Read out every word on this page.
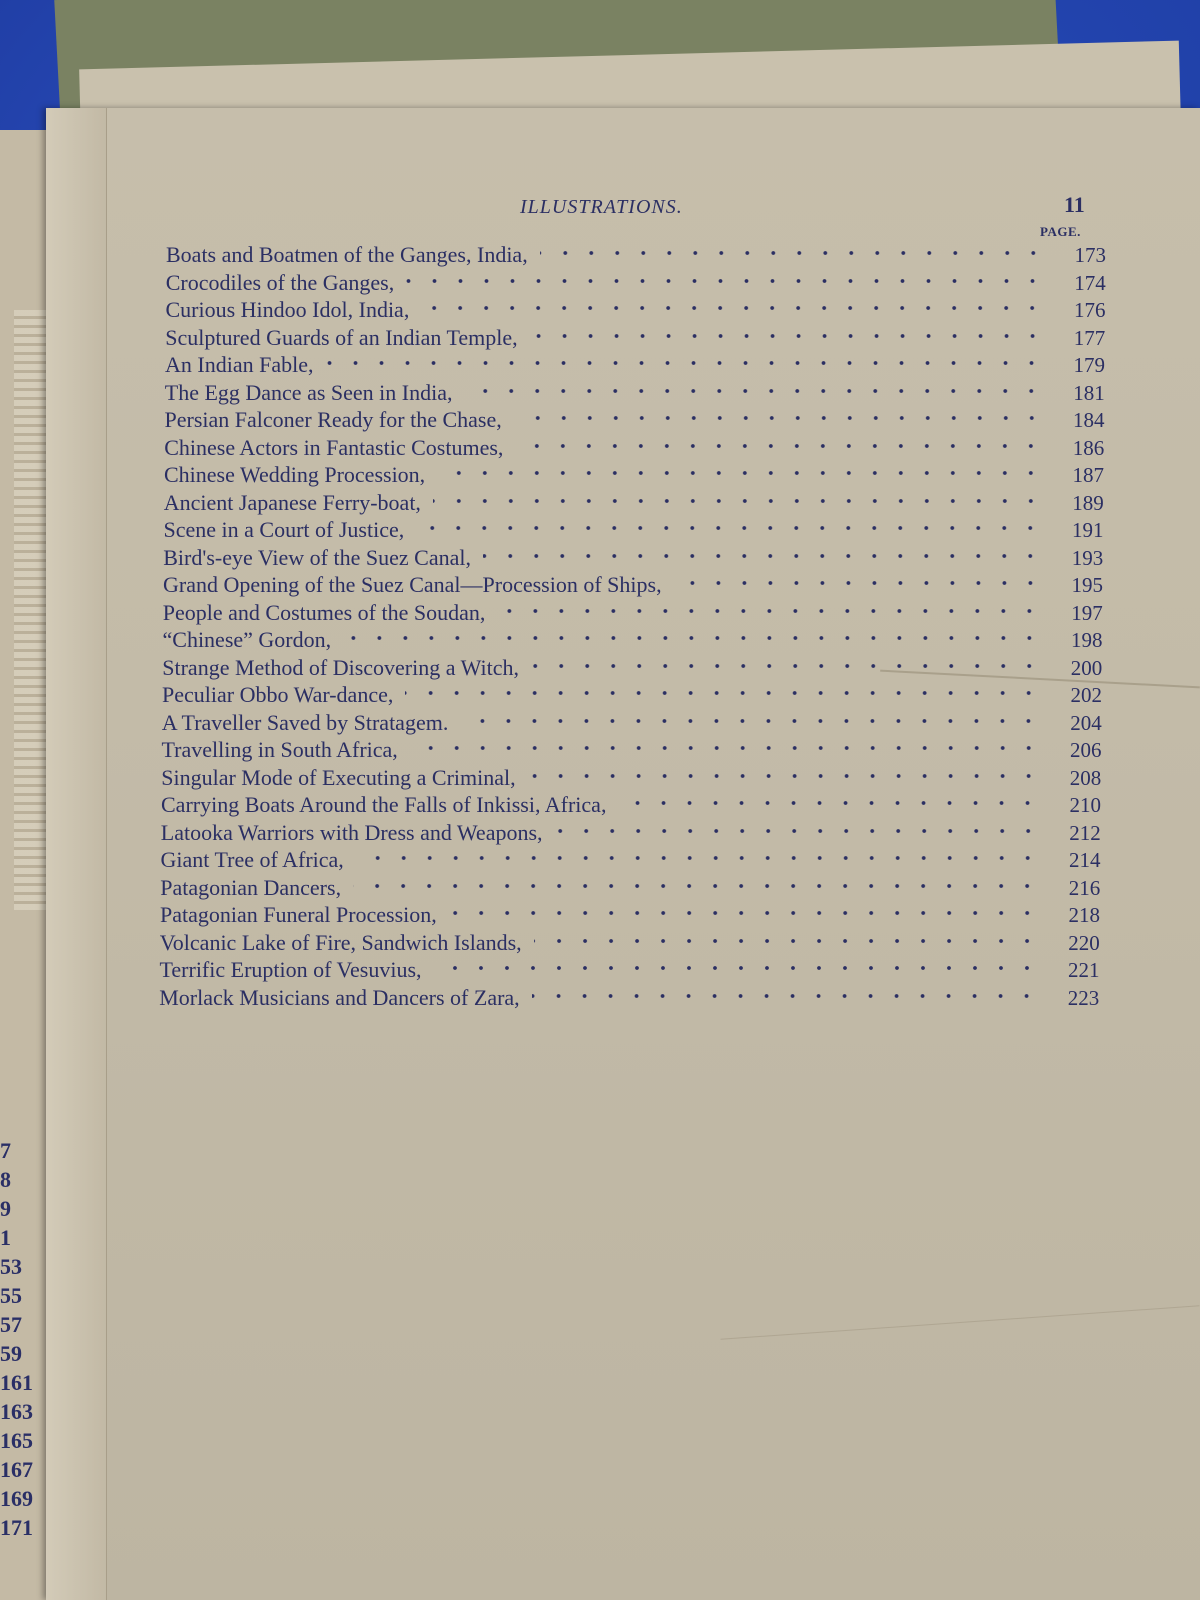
7
8
9
1
53
55
57
59
161
163
165
167
169
171
ILLUSTRATIONS.	11
PAGE.
Boats and Boatmen of the Ganges, India,	173
Crocodiles of the Ganges,	174
Curious Hindoo Idol, India,	176
Sculptured Guards of an Indian Temple,	177
An Indian Fable,	179
The Egg Dance as Seen in India,	181
Persian Falconer Ready for the Chase,	184
Chinese Actors in Fantastic Costumes,	186
Chinese Wedding Procession,	187
Ancient Japanese Ferry-boat,	189
Scene in a Court of Justice,	191
Bird's-eye View of the Suez Canal,	193
Grand Opening of the Suez Canal—Procession of Ships,	195
People and Costumes of the Soudan,	197
“Chinese” Gordon,	198
Strange Method of Discovering a Witch,	200
Peculiar Obbo War-dance,	202
A Traveller Saved by Stratagem.	204
Travelling in South Africa,	206
Singular Mode of Executing a Criminal,	208
Carrying Boats Around the Falls of Inkissi, Africa,	210
Latooka Warriors with Dress and Weapons,	212
Giant Tree of Africa,	214
Patagonian Dancers,	216
Patagonian Funeral Procession,	218
Volcanic Lake of Fire, Sandwich Islands,	220
Terrific Eruption of Vesuvius,	221
Morlack Musicians and Dancers of Zara,	223
